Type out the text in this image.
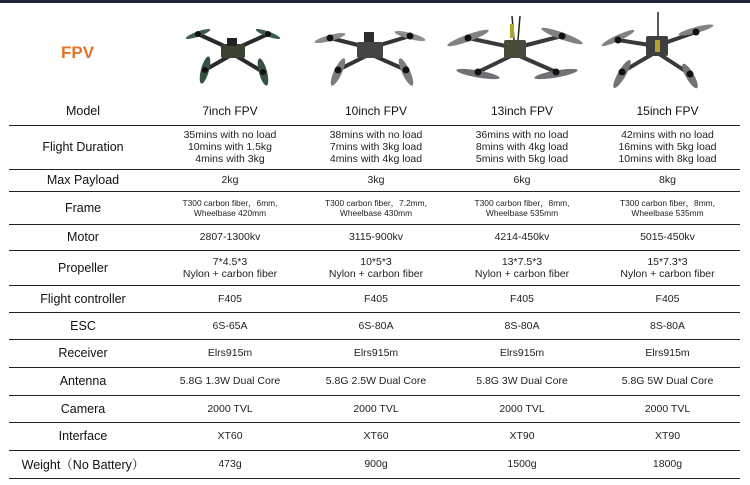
FPV
Model	7inch FPV	10inch FPV	13inch FPV	15inch FPV
Flight Duration	35mins with no load
10mins with 1.5kg
4mins with 3kg	38mins with no load
7mins with 3kg load
4mins with 4kg load	36mins with no load
8mins with 4kg load
5mins with 5kg load	42mins with no load
16mins with 5kg load
10mins with 8kg load

Max Payload	2kg	3kg	6kg	8kg

Frame	T300 carbon fiber，6mm,
Wheelbase 420mm	T300 carbon fiber，7.2mm,
Wheelbase 430mm	T300 carbon fiber，8mm,
Wheelbase 535mm	T300 carbon fiber，8mm,
Wheelbase 535mm

Motor	2807-1300kv	3115-900kv	4214-450kv	5015-450kv

Propeller	7*4.5*3
Nylon + carbon fiber	10*5*3
Nylon + carbon fiber	13*7.5*3
Nylon + carbon fiber	15*7.3*3
Nylon + carbon fiber

Flight controller	F405	F405	F405	F405

ESC	6S-65A	6S-80A	8S-80A	8S-80A

Receiver	Elrs915m	Elrs915m	Elrs915m	Elrs915m

Antenna	5.8G 1.3W Dual Core	5.8G 2.5W Dual Core	5.8G 3W Dual Core	5.8G 5W Dual Core

Camera	2000 TVL	2000 TVL	2000 TVL	2000 TVL

Interface	XT60	XT60	XT90	XT90

Weight（No Battery）	473g	900g	1500g	1800g
